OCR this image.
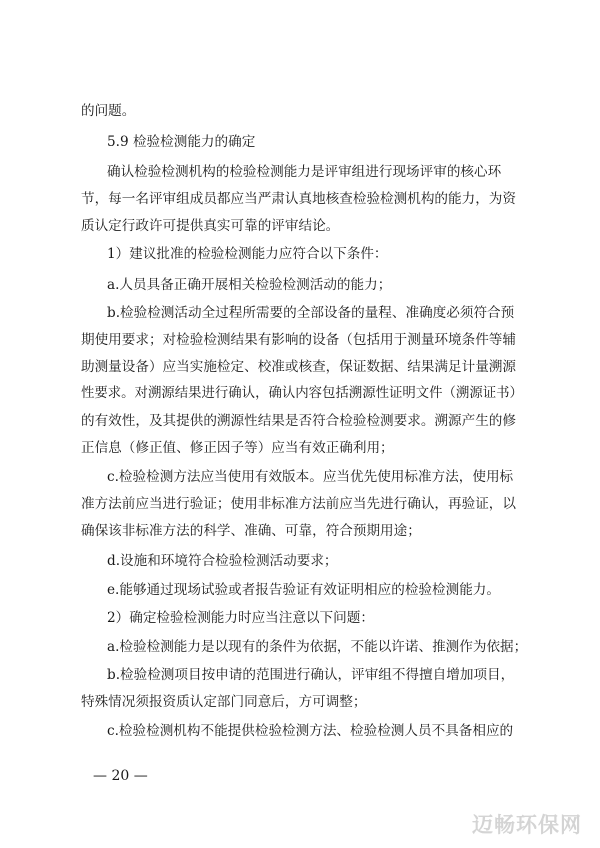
的问题。
5.9 检验检测能力的确定
确认检验检测机构的检验检测能力是评审组进行现场评审的核心环
节，每一名评审组成员都应当严肃认真地核查检验检测机构的能力，为资
质认定行政许可提供真实可靠的评审结论。
1）建议批准的检验检测能力应符合以下条件：
a.人员具备正确开展相关检验检测活动的能力；
b.检验检测活动全过程所需要的全部设备的量程、准确度必须符合预
期使用要求；对检验检测结果有影响的设备（包括用于测量环境条件等辅
助测量设备）应当实施检定、校准或核查，保证数据、结果满足计量溯源
性要求。对溯源结果进行确认，确认内容包括溯源性证明文件（溯源证书）
的有效性，及其提供的溯源性结果是否符合检验检测要求。溯源产生的修
正信息（修正值、修正因子等）应当有效正确利用；
c.检验检测方法应当使用有效版本。应当优先使用标准方法，使用标
准方法前应当进行验证；使用非标准方法前应当先进行确认，再验证，以
确保该非标准方法的科学、准确、可靠，符合预期用途；
d.设施和环境符合检验检测活动要求；
e.能够通过现场试验或者报告验证有效证明相应的检验检测能力。
2）确定检验检测能力时应当注意以下问题：
a.检验检测能力是以现有的条件为依据，不能以许诺、推测作为依据；
b.检验检测项目按申请的范围进行确认，评审组不得擅自增加项目，
特殊情况须报资质认定部门同意后，方可调整；
c.检验检测机构不能提供检验检测方法、检验检测人员不具备相应的
— 20 —
迈畅环保网
